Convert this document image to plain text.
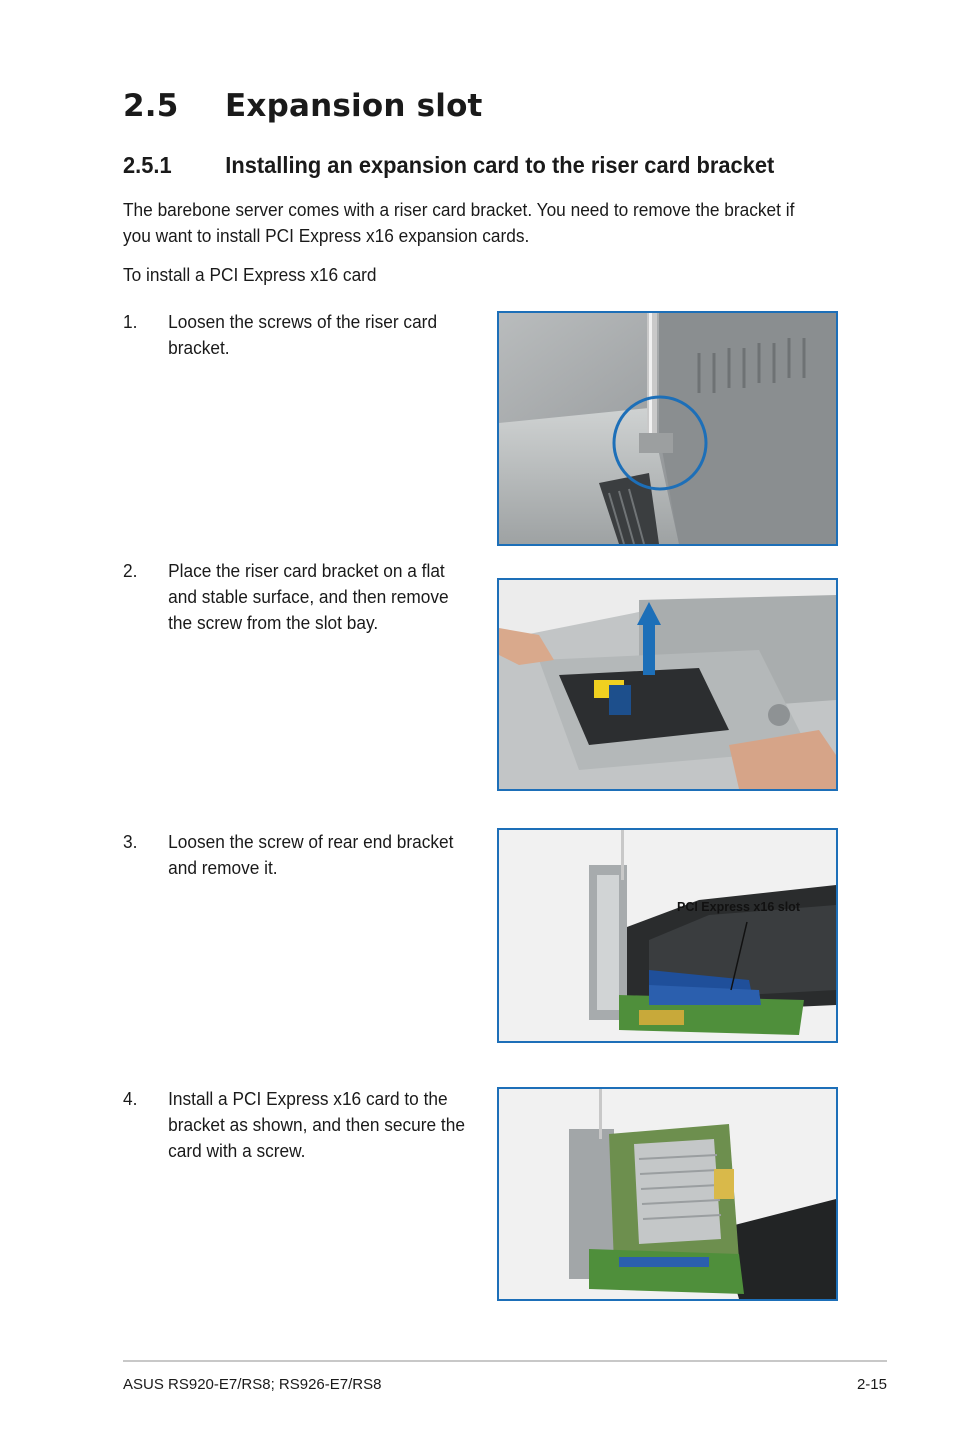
2.5 Expansion slot
2.5.1 Installing an expansion card to the riser card bracket
The barebone server comes with a riser card bracket. You need to remove the bracket if you want to install PCI Express x16 expansion cards.
To install a PCI Express x16 card
1. Loosen the screws of the riser card bracket.
2. Place the riser card bracket on a flat and stable surface, and then remove the screw from the slot bay.
3. Loosen the screw of rear end bracket and remove it.
PCI Express x16 slot
4. Install a PCI Express x16 card to the bracket as shown, and then secure the card with a screw.
ASUS RS920-E7/RS8; RS926-E7/RS8	2-15
